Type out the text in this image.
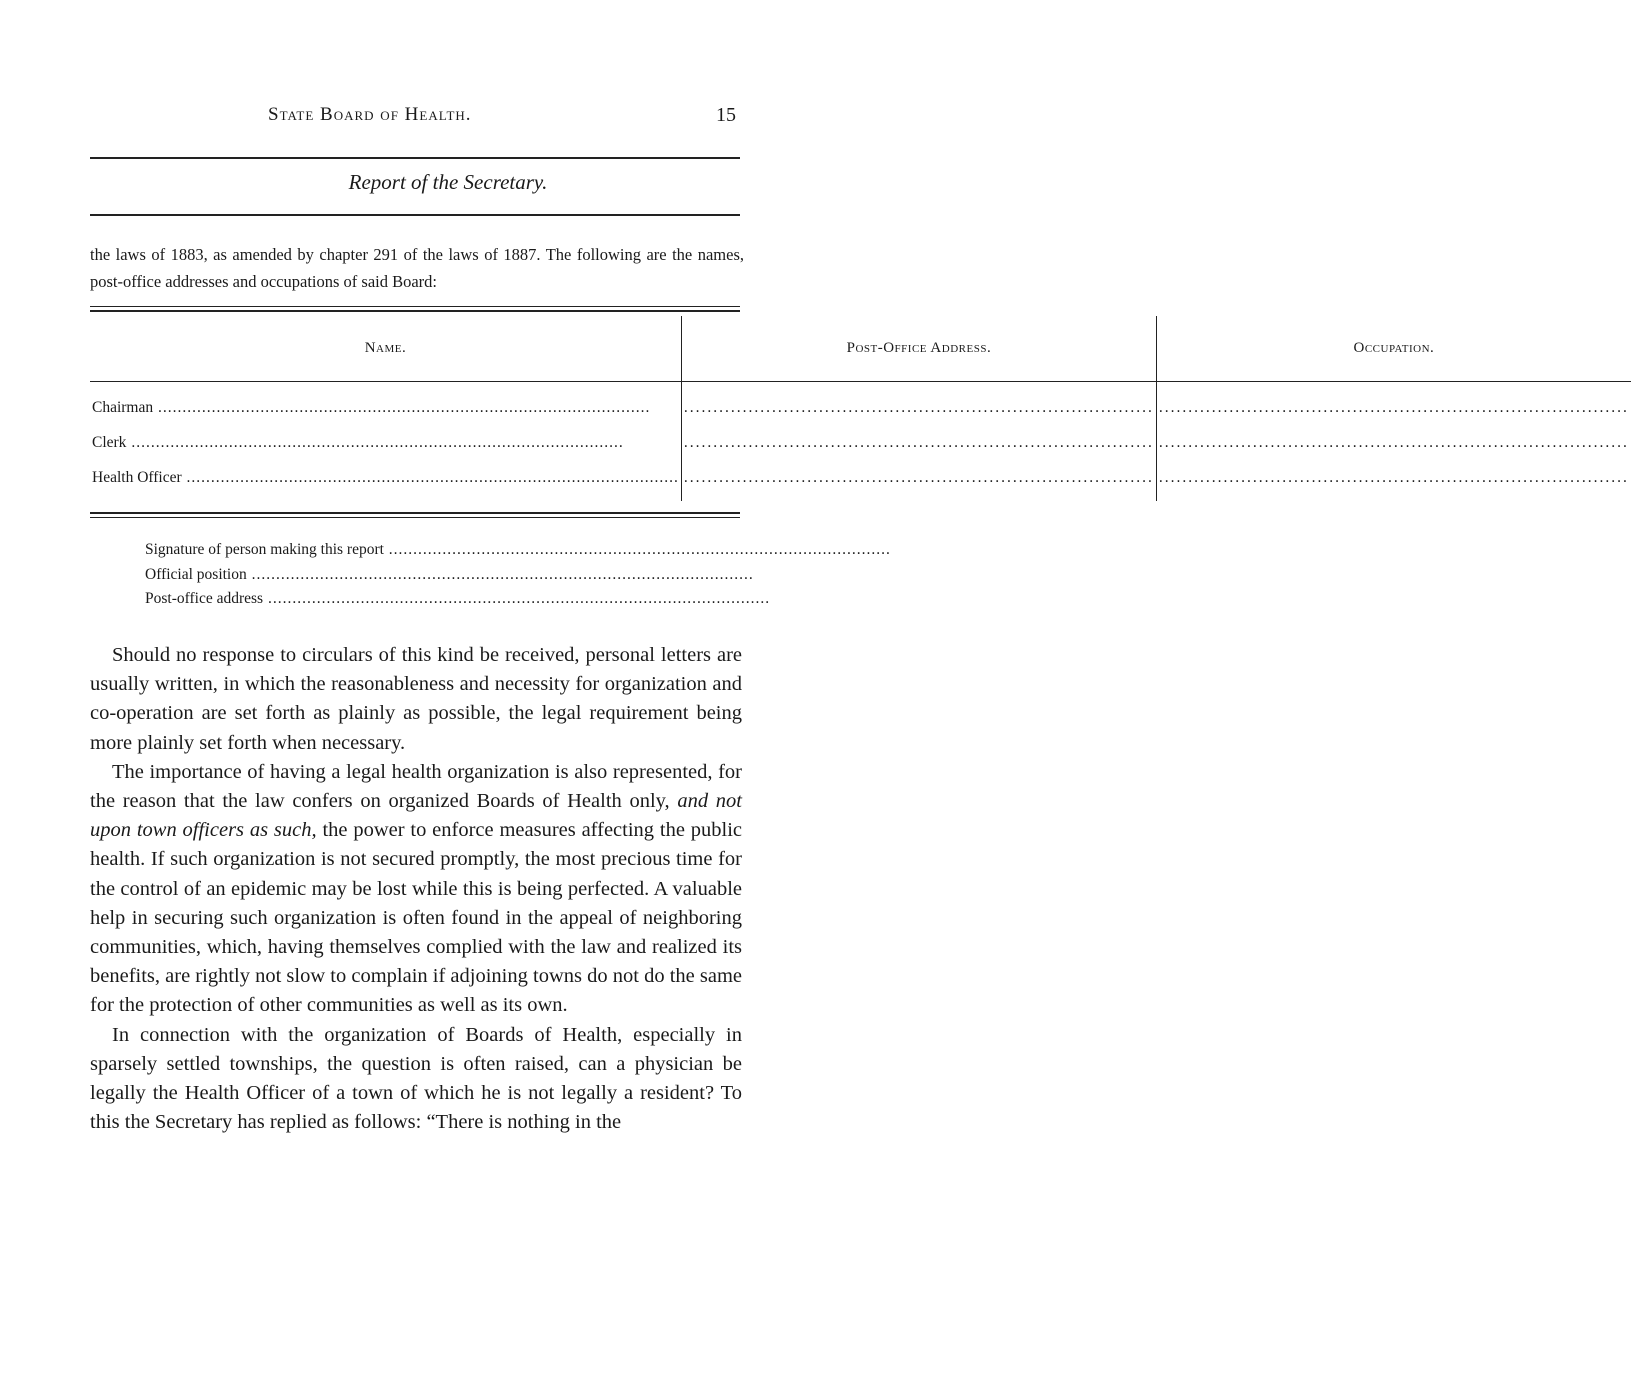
State Board of Health.	15
Report of the Secretary.

the laws of 1883, as amended by chapter 291 of the laws of 1887. The following are the names, post-office addresses and occupations of said Board:

Name.	Post-Office Address.	Occupation.

Chairman .....	.....	.....
Clerk .....	.....	.....
Health Officer .....	.....	.....

Signature of person making this report .....
Official position .....
Post-office address .....

Should no response to circulars of this kind be received, personal letters are usually written, in which the reasonableness and necessity for organization and co-operation are set forth as plainly as possible, the legal requirement being more plainly set forth when necessary.

The importance of having a legal health organization is also represented, for the reason that the law confers on organized Boards of Health only, and not upon town officers as such, the power to enforce measures affecting the public health. If such organization is not secured promptly, the most precious time for the control of an epidemic may be lost while this is being perfected. A valuable help in securing such organization is often found in the appeal of neighboring communities, which, having themselves complied with the law and realized its benefits, are rightly not slow to complain if adjoining towns do not do the same for the protection of other communities as well as its own.

In connection with the organization of Boards of Health, especially in sparsely settled townships, the question is often raised, can a physician be legally the Health Officer of a town of which he is not legally a resident? To this the Secretary has replied as follows: “There is nothing in the
